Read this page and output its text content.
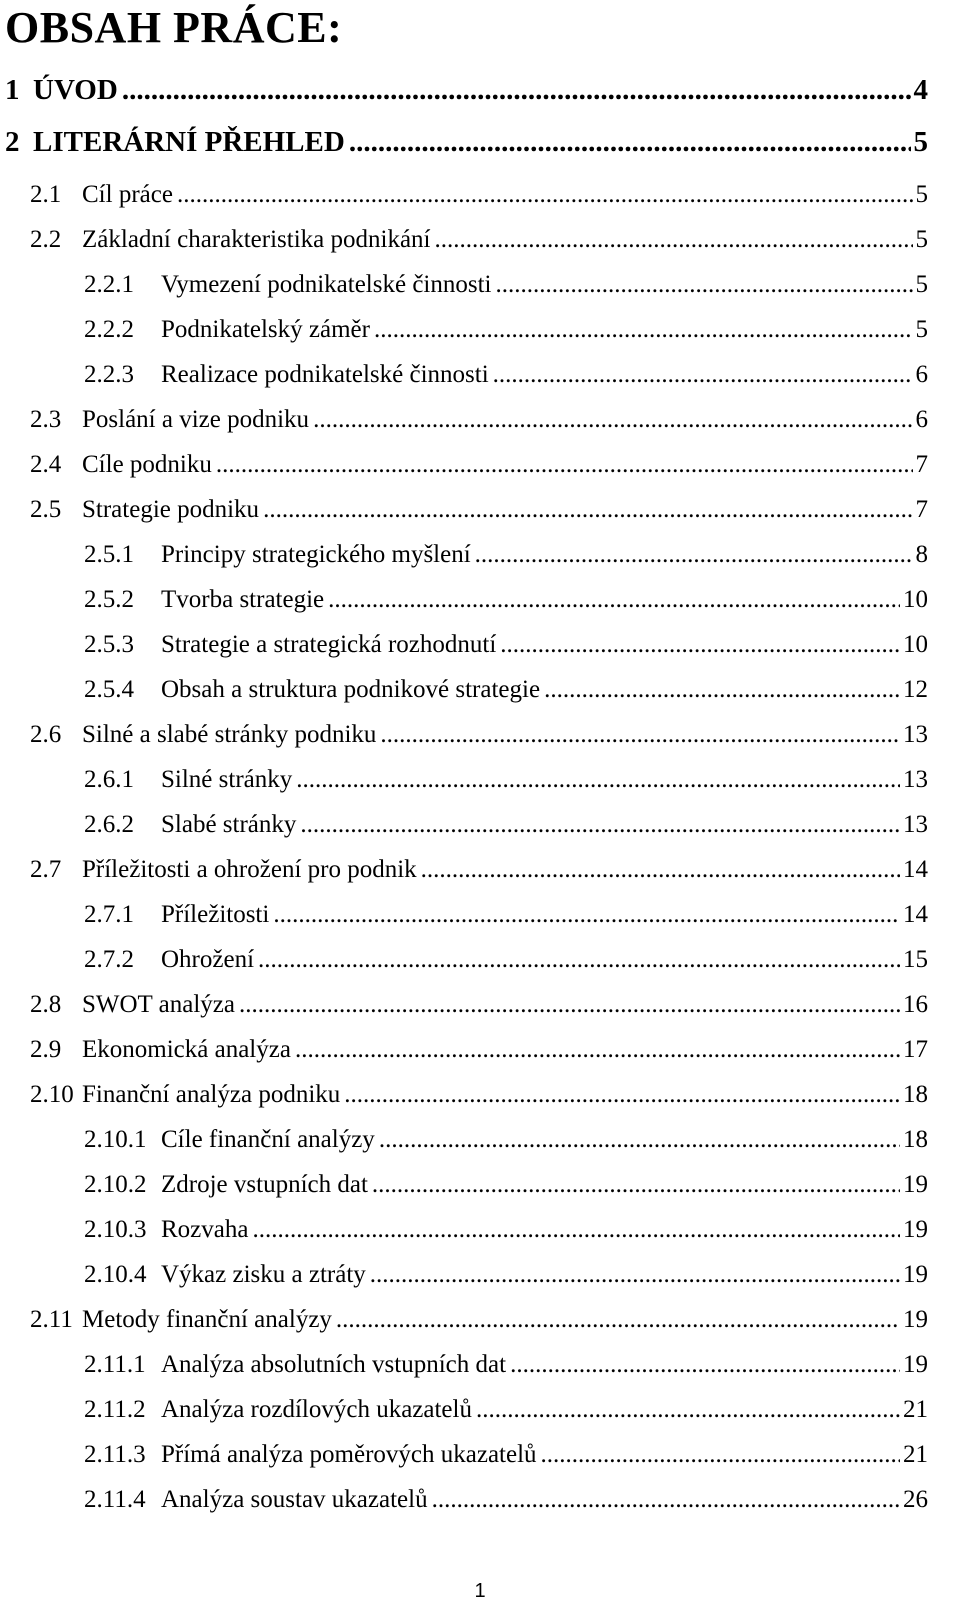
OBSAH PRÁCE:
1 ÚVOD .....	4
2 LITERÁRNÍ PŘEHLED .....	5
2.1 Cíl práce .....	5
2.2 Základní charakteristika podnikání .....	5
2.2.1	Vymezení podnikatelské činnosti .....	5
2.2.2	Podnikatelský záměr .....	5
2.2.3	Realizace podnikatelské činnosti .....	6
2.3 Poslání a vize podniku .....	6
2.4 Cíle podniku .....	7
2.5 Strategie podniku .....	7
2.5.1	Principy strategického myšlení .....	8
2.5.2	Tvorba strategie .....	10
2.5.3	Strategie a strategická rozhodnutí .....	10
2.5.4	Obsah a struktura podnikové strategie .....	12
2.6 Silné a slabé stránky podniku .....	13
2.6.1	Silné stránky .....	13
2.6.2	Slabé stránky .....	13
2.7 Příležitosti a ohrožení pro podnik .....	14
2.7.1	Příležitosti .....	14
2.7.2	Ohrožení .....	15
2.8 SWOT analýza .....	16
2.9 Ekonomická analýza .....	17
2.10 Finanční analýza podniku .....	18
2.10.1 Cíle finanční analýzy .....	18
2.10.2 Zdroje vstupních dat .....	19
2.10.3 Rozvaha .....	19
2.10.4 Výkaz zisku a ztráty .....	19
2.11 Metody finanční analýzy .....	19
2.11.1 Analýza absolutních vstupních dat .....	19
2.11.2 Analýza rozdílových ukazatelů .....	21
2.11.3 Přímá analýza poměrových ukazatelů .....	21
2.11.4 Analýza soustav ukazatelů .....	26
1
